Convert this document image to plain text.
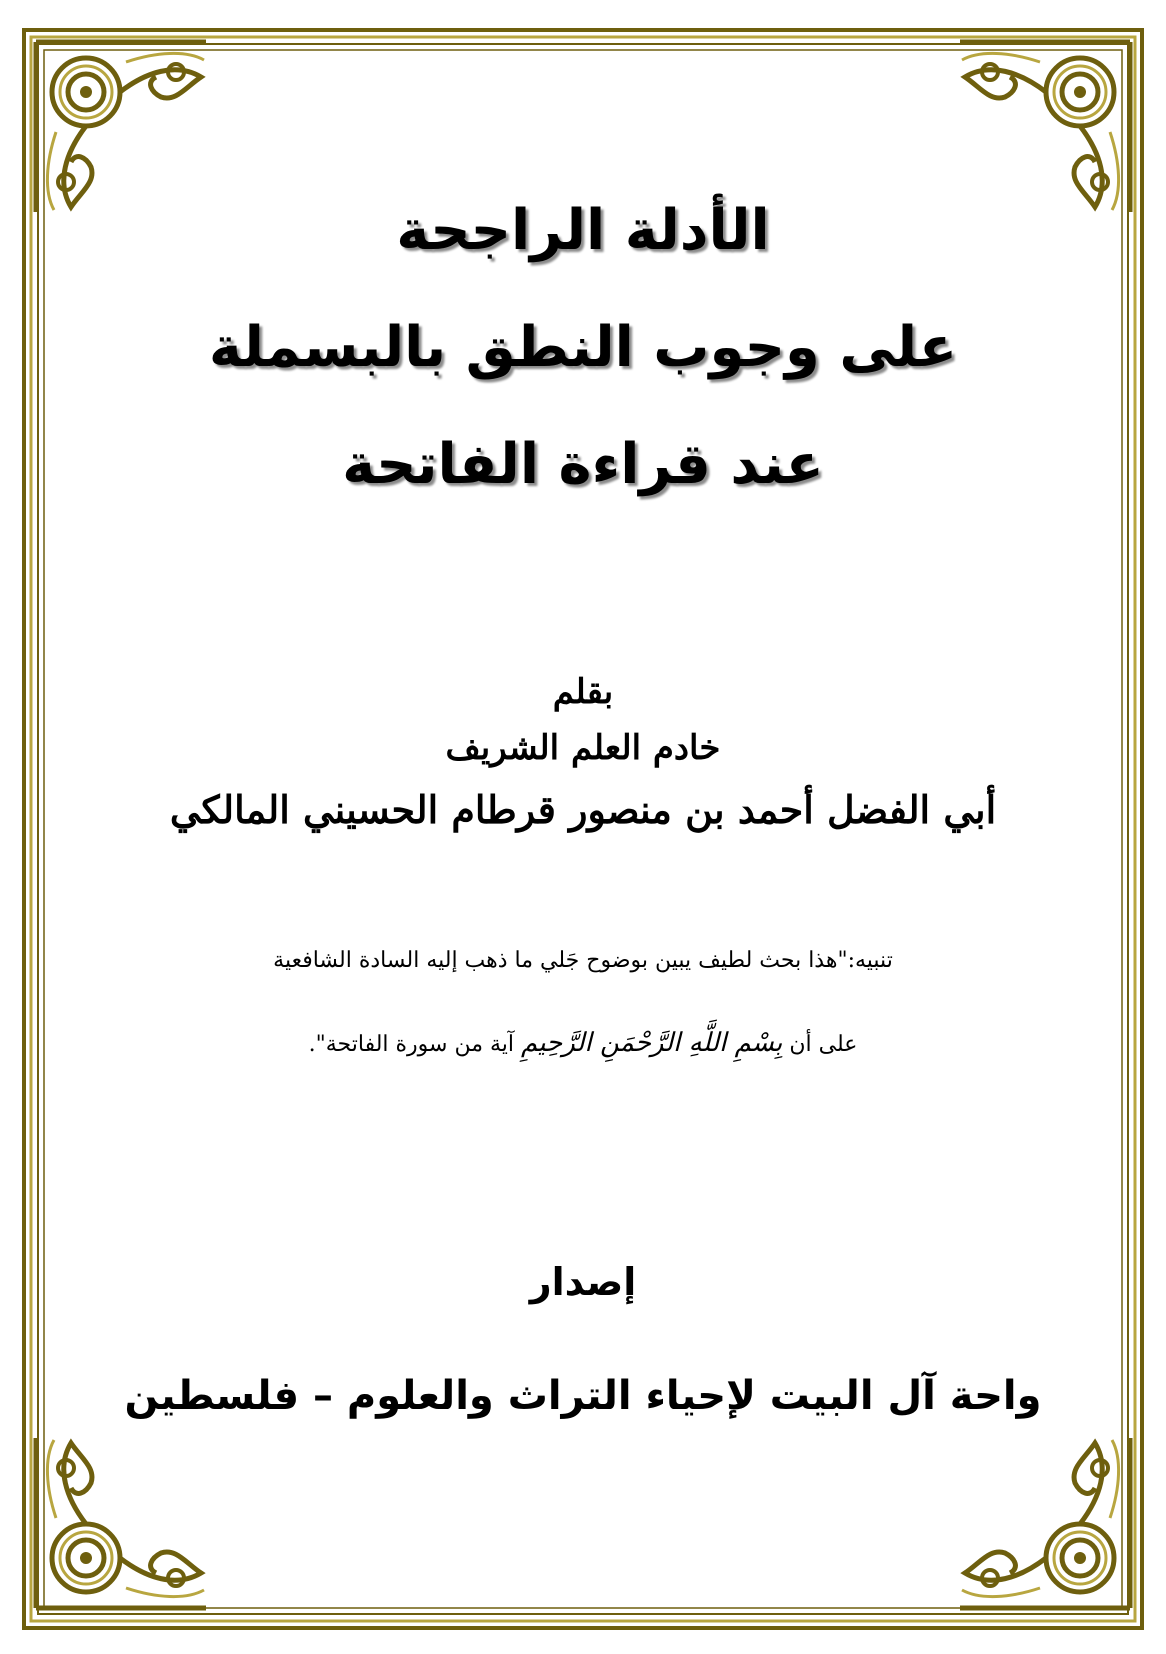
الأدلة الراجحة
على وجوب النطق بالبسملة
عند قراءة الفاتحة
بقلم
خادم العلم الشريف
أبي الفضل أحمد بن منصور قرطام الحسيني المالكي
تنبيه:"هذا بحث لطيف يبين بوضوح جَلي ما ذهب إليه السادة الشافعية
على أن بِسْمِ اللَّهِ الرَّحْمَنِ الرَّحِيمِ آية من سورة الفاتحة".
إصدار
واحة آل البيت لإحياء التراث والعلوم – فلسطين
